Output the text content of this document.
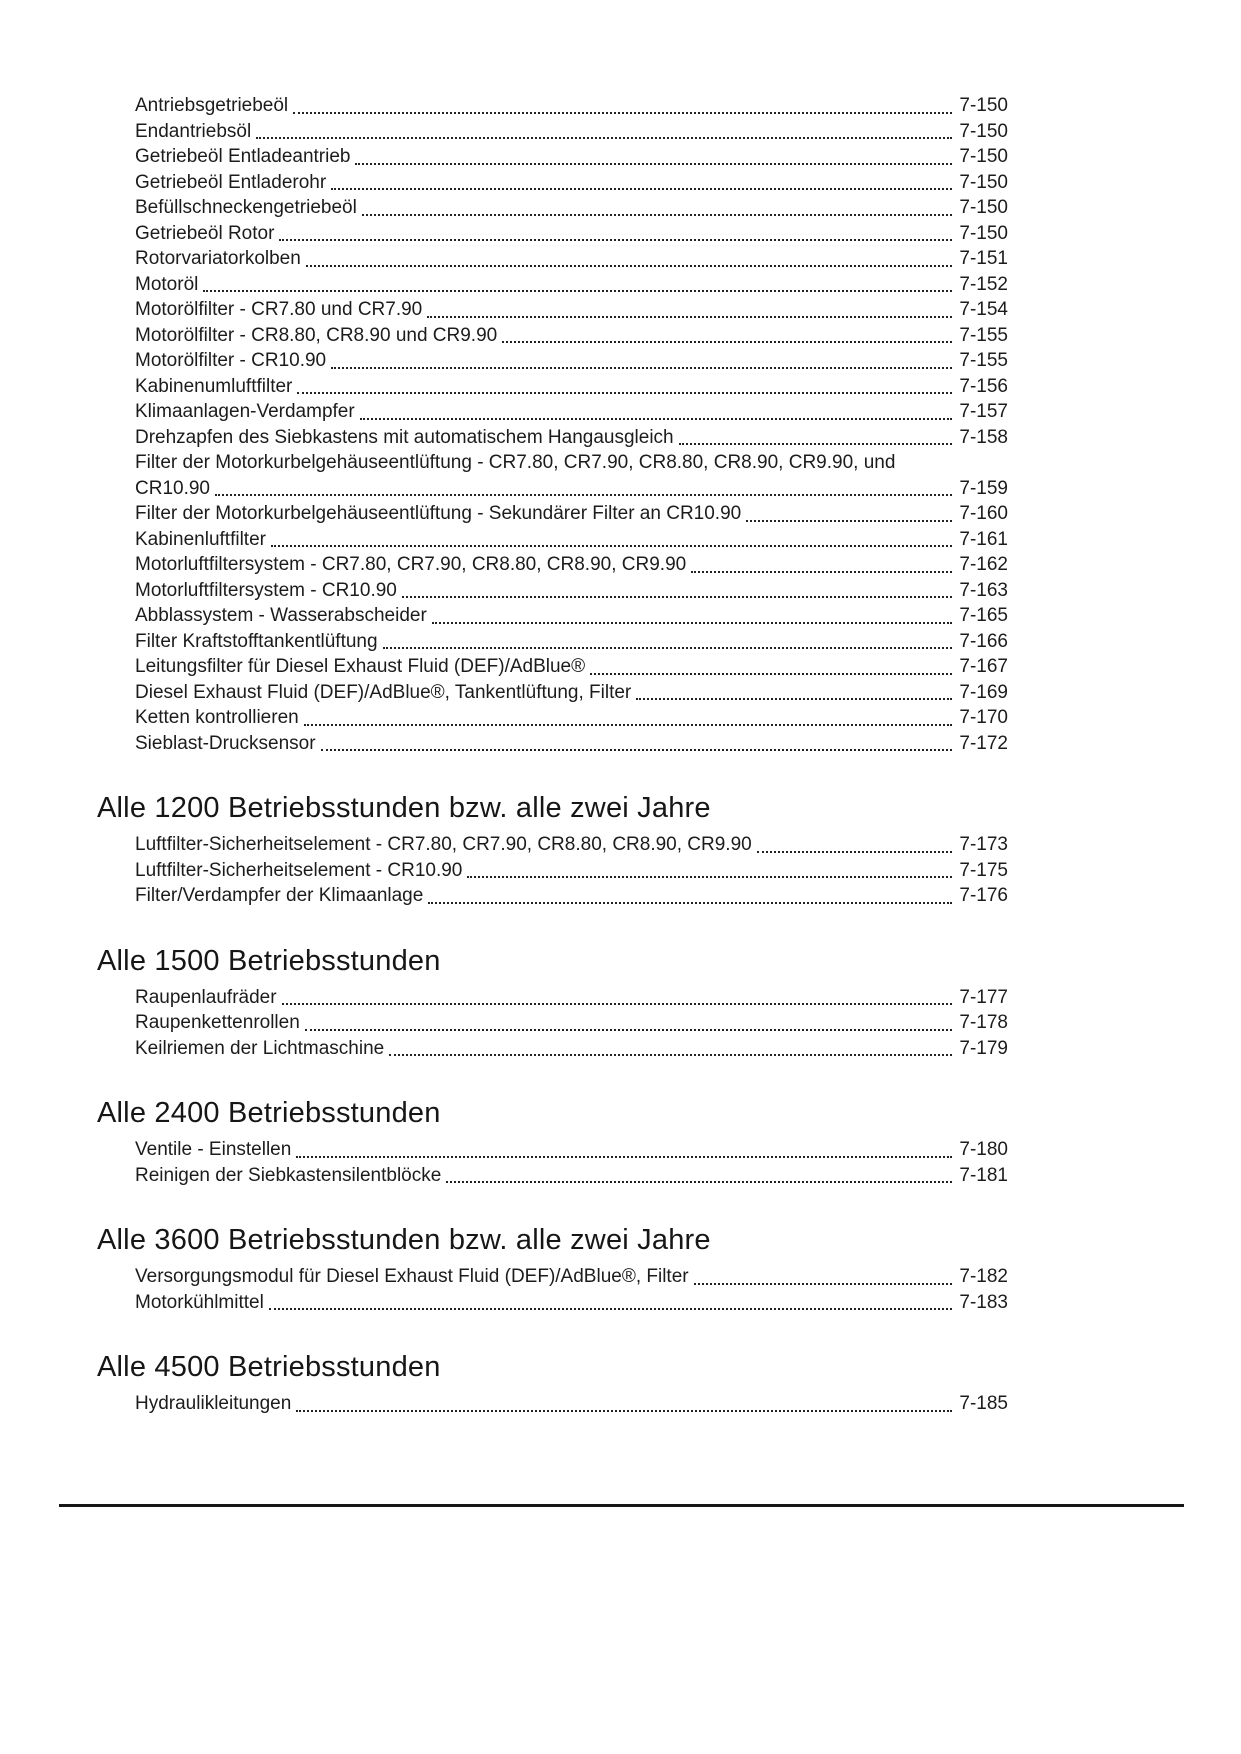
Antriebsgetriebeöl	7-150
Endantriebsöl	7-150
Getriebeöl Entladeantrieb	7-150
Getriebeöl Entladerohr	7-150
Befüllschneckengetriebeöl	7-150
Getriebeöl Rotor	7-150
Rotorvariatorkolben	7-151
Motoröl	7-152
Motorölfilter - CR7.80 und CR7.90	7-154
Motorölfilter - CR8.80, CR8.90 und CR9.90	7-155
Motorölfilter - CR10.90	7-155
Kabinenumluftfilter	7-156
Klimaanlagen-Verdampfer	7-157
Drehzapfen des Siebkastens mit automatischem Hangausgleich	7-158
Filter der Motorkurbelgehäuseentlüftung - CR7.80, CR7.90, CR8.80, CR8.90, CR9.90, und
CR10.90	7-159
Filter der Motorkurbelgehäuseentlüftung - Sekundärer Filter an CR10.90	7-160
Kabinenluftfilter	7-161
Motorluftfiltersystem - CR7.80, CR7.90, CR8.80, CR8.90, CR9.90	7-162
Motorluftfiltersystem - CR10.90	7-163
Abblassystem - Wasserabscheider	7-165
Filter Kraftstofftankentlüftung	7-166
Leitungsfilter für Diesel Exhaust Fluid (DEF)/AdBlue®	7-167
Diesel Exhaust Fluid (DEF)/AdBlue®, Tankentlüftung, Filter	7-169
Ketten kontrollieren	7-170
Sieblast-Drucksensor	7-172
Alle 1200 Betriebsstunden bzw. alle zwei Jahre
Luftfilter-Sicherheitselement - CR7.80, CR7.90, CR8.80, CR8.90, CR9.90	7-173
Luftfilter-Sicherheitselement - CR10.90	7-175
Filter/Verdampfer der Klimaanlage	7-176
Alle 1500 Betriebsstunden
Raupenlaufräder	7-177
Raupenkettenrollen	7-178
Keilriemen der Lichtmaschine	7-179
Alle 2400 Betriebsstunden
Ventile - Einstellen	7-180
Reinigen der Siebkastensilentblöcke	7-181
Alle 3600 Betriebsstunden bzw. alle zwei Jahre
Versorgungsmodul für Diesel Exhaust Fluid (DEF)/AdBlue®, Filter	7-182
Motorkühlmittel	7-183
Alle 4500 Betriebsstunden
Hydraulikleitungen	7-185
